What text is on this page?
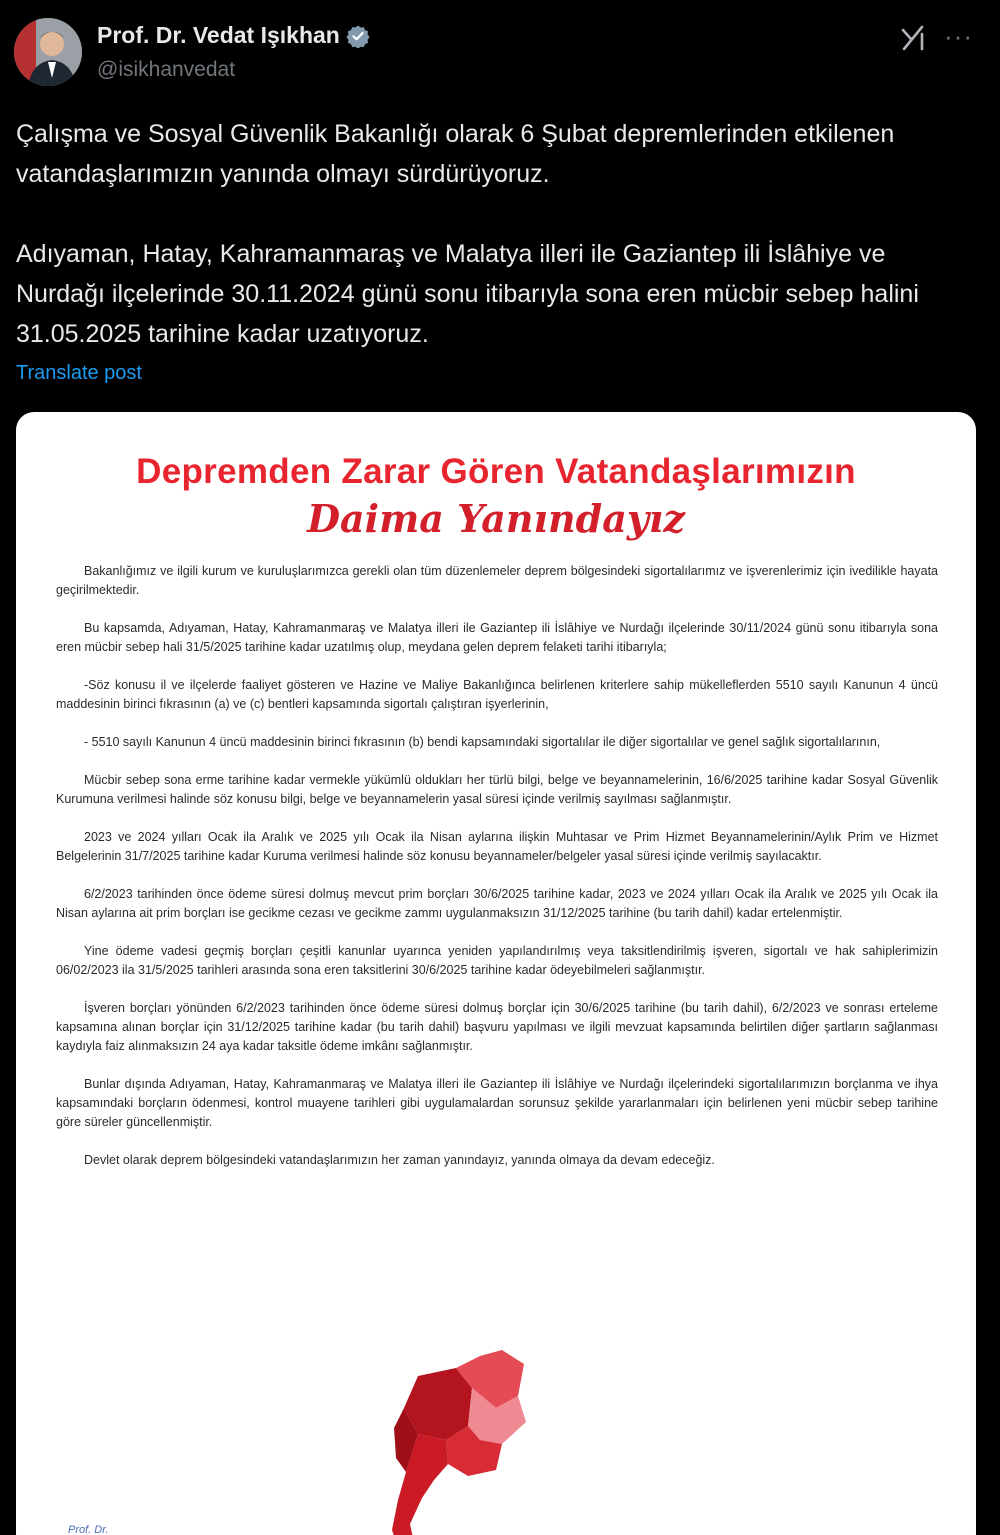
Prof. Dr. Vedat Işıkhan
@isikhanvedat
···

Çalışma ve Sosyal Güvenlik Bakanlığı olarak 6 Şubat depremlerinden etkilenen vatandaşlarımızın yanında olmayı sürdürüyoruz.

Adıyaman, Hatay, Kahramanmaraş ve Malatya illeri ile Gaziantep ili İslâhiye ve Nurdağı ilçelerinde 30.11.2024 günü sonu itibarıyla sona eren mücbir sebep halini 31.05.2025 tarihine kadar uzatıyoruz.

Translate post
Depremden Zarar Gören Vatandaşlarımızın
Daima Yanındayız

Bakanlığımız ve ilgili kurum ve kuruluşlarımızca gerekli olan tüm düzenlemeler deprem bölgesindeki sigortalılarımız ve işverenlerimiz için ivedilikle hayata geçirilmektedir.

Bu kapsamda, Adıyaman, Hatay, Kahramanmaraş ve Malatya illeri ile Gaziantep ili İslâhiye ve Nurdağı ilçelerinde 30/11/2024 günü sonu itibarıyla sona eren mücbir sebep hali 31/5/2025 tarihine kadar uzatılmış olup, meydana gelen deprem felaketi tarihi itibarıyla;

-Söz konusu il ve ilçelerde faaliyet gösteren ve Hazine ve Maliye Bakanlığınca belirlenen kriterlere sahip mükelleflerden 5510 sayılı Kanunun 4 üncü maddesinin birinci fıkrasının (a) ve (c) bentleri kapsamında sigortalı çalıştıran işyerlerinin,

- 5510 sayılı Kanunun 4 üncü maddesinin birinci fıkrasının (b) bendi kapsamındaki sigortalılar ile diğer sigortalılar ve genel sağlık sigortalılarının,

Mücbir sebep sona erme tarihine kadar vermekle yükümlü oldukları her türlü bilgi, belge ve beyannamelerinin, 16/6/2025 tarihine kadar Sosyal Güvenlik Kurumuna verilmesi halinde söz konusu bilgi, belge ve beyannamelerin yasal süresi içinde verilmiş sayılması sağlanmıştır.

2023 ve 2024 yılları Ocak ila Aralık ve 2025 yılı Ocak ila Nisan aylarına ilişkin Muhtasar ve Prim Hizmet Beyannamelerinin/Aylık Prim ve Hizmet Belgelerinin 31/7/2025 tarihine kadar Kuruma verilmesi halinde söz konusu beyannameler/belgeler yasal süresi içinde verilmiş sayılacaktır.

6/2/2023 tarihinden önce ödeme süresi dolmuş mevcut prim borçları 30/6/2025 tarihine kadar, 2023 ve 2024 yılları Ocak ila Aralık ve 2025 yılı Ocak ila Nisan aylarına ait prim borçları ise gecikme cezası ve gecikme zammı uygulanmaksızın 31/12/2025 tarihine (bu tarih dahil) kadar ertelenmiştir.

Yine ödeme vadesi geçmiş borçları çeşitli kanunlar uyarınca yeniden yapılandırılmış veya taksitlendirilmiş işveren, sigortalı ve hak sahiplerimizin 06/02/2023 ila 31/5/2025 tarihleri arasında sona eren taksitlerini 30/6/2025 tarihine kadar ödeyebilmeleri sağlanmıştır.

İşveren borçları yönünden 6/2/2023 tarihinden önce ödeme süresi dolmuş borçlar için 30/6/2025 tarihine (bu tarih dahil), 6/2/2023 ve sonrası erteleme kapsamına alınan borçlar için 31/12/2025 tarihine kadar (bu tarih dahil) başvuru yapılması ve ilgili mevzuat kapsamında belirtilen diğer şartların sağlanması kaydıyla faiz alınmaksızın 24 aya kadar taksitle ödeme imkânı sağlanmıştır.

Bunlar dışında Adıyaman, Hatay, Kahramanmaraş ve Malatya illeri ile Gaziantep ili İslâhiye ve Nurdağı ilçelerindeki sigortalılarımızın borçlanma ve ihya kapsamındaki borçların ödenmesi, kontrol muayene tarihleri gibi uygulamalardan sorunsuz şekilde yararlanmaları için belirlenen yeni mücbir sebep tarihine göre süreler güncellenmiştir.

Devlet olarak deprem bölgesindeki vatandaşlarımızın her zaman yanındayız, yanında olmaya da devam edeceğiz.

Prof. Dr.
